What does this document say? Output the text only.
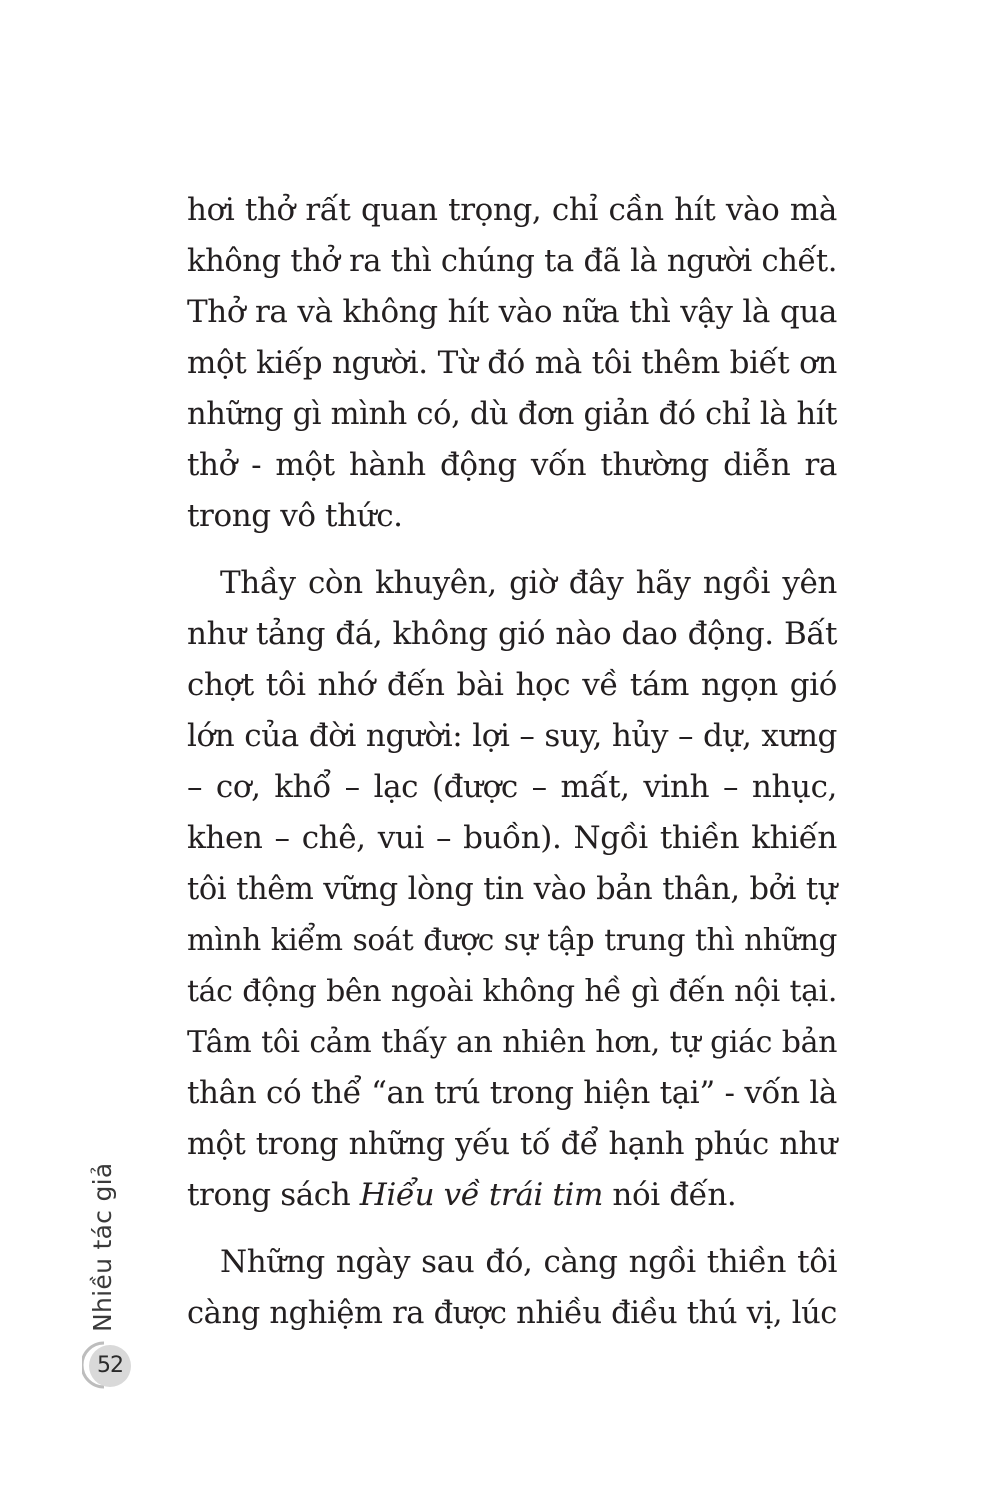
hơi thở rất quan trọng, chỉ cần hít vào mà
không thở ra thì chúng ta đã là người chết.
Thở ra và không hít vào nữa thì vậy là qua
một kiếp người. Từ đó mà tôi thêm biết ơn
những gì mình có, dù đơn giản đó chỉ là hít
thở - một hành động vốn thường diễn ra
trong vô thức.

Thầy còn khuyên, giờ đây hãy ngồi yên
như tảng đá, không gió nào dao động. Bất
chợt tôi nhớ đến bài học về tám ngọn gió
lớn của đời người: lợi – suy, hủy – dự, xưng
– cơ, khổ – lạc (được – mất, vinh – nhục,
khen – chê, vui – buồn). Ngồi thiền khiến
tôi thêm vững lòng tin vào bản thân, bởi tự
mình kiểm soát được sự tập trung thì những
tác động bên ngoài không hề gì đến nội tại.
Tâm tôi cảm thấy an nhiên hơn, tự giác bản
thân có thể “an trú trong hiện tại” - vốn là
một trong những yếu tố để hạnh phúc như
trong sách Hiểu về trái tim nói đến.

Những ngày sau đó, càng ngồi thiền tôi
càng nghiệm ra được nhiều điều thú vị, lúc

Nhiều tác giả
52
